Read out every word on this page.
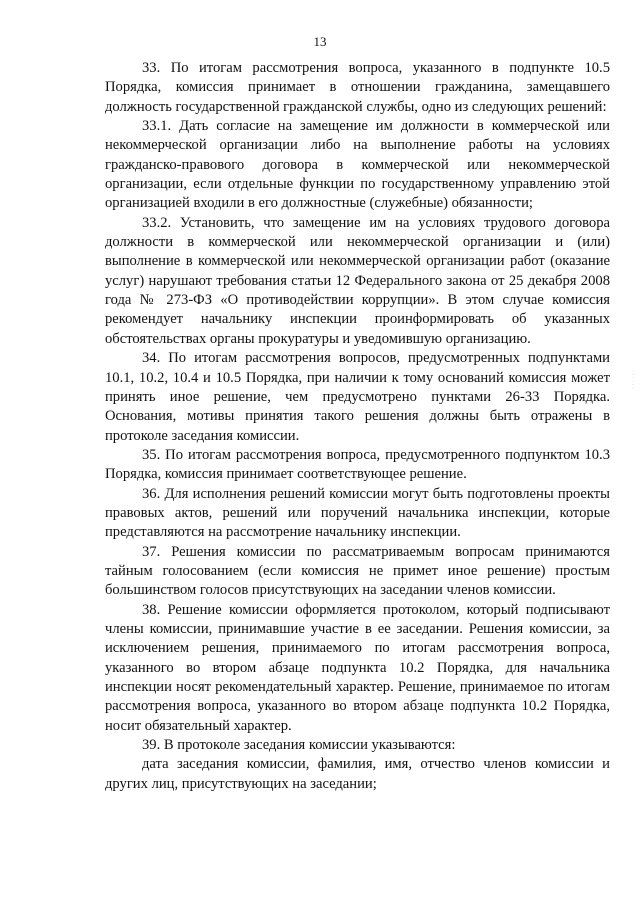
13

33. По итогам рассмотрения вопроса, указанного в подпункте 10.5 Порядка, комиссия принимает в отношении гражданина, замещавшего должность государственной гражданской службы, одно из следующих решений:

33.1. Дать согласие на замещение им должности в коммерческой или некоммерческой организации либо на выполнение работы на условиях гражданско-правового договора в коммерческой или некоммерческой организации, если отдельные функции по государственному управлению этой организацией входили в его должностные (служебные) обязанности;

33.2. Установить, что замещение им на условиях трудового договора должности в коммерческой или некоммерческой организации и (или) выполнение в коммерческой или некоммерческой организации работ (оказание услуг) нарушают требования статьи 12 Федерального закона от 25 декабря 2008 года № 273-ФЗ «О противодействии коррупции». В этом случае комиссия рекомендует начальнику инспекции проинформировать об указанных обстоятельствах органы прокуратуры и уведомившую организацию.

34. По итогам рассмотрения вопросов, предусмотренных подпунктами 10.1, 10.2, 10.4 и 10.5 Порядка, при наличии к тому оснований комиссия может принять иное решение, чем предусмотрено пунктами 26-33 Порядка. Основания, мотивы принятия такого решения должны быть отражены в протоколе заседания комиссии.

35. По итогам рассмотрения вопроса, предусмотренного подпунктом 10.3 Порядка, комиссия принимает соответствующее решение.

36. Для исполнения решений комиссии могут быть подготовлены проекты правовых актов, решений или поручений начальника инспекции, которые представляются на рассмотрение начальнику инспекции.

37. Решения комиссии по рассматриваемым вопросам принимаются тайным голосованием (если комиссия не примет иное решение) простым большинством голосов присутствующих на заседании членов комиссии.

38. Решение комиссии оформляется протоколом, который подписывают члены комиссии, принимавшие участие в ее заседании. Решения комиссии, за исключением решения, принимаемого по итогам рассмотрения вопроса, указанного во втором абзаце подпункта 10.2 Порядка, для начальника инспекции носят рекомендательный характер. Решение, принимаемое по итогам рассмотрения вопроса, указанного во втором абзаце подпункта 10.2 Порядка, носит обязательный характер.

39. В протоколе заседания комиссии указываются:

дата заседания комиссии, фамилия, имя, отчество членов комиссии и других лиц, присутствующих на заседании;

‧ ‧ ‧ ‧ ‧ ‧
